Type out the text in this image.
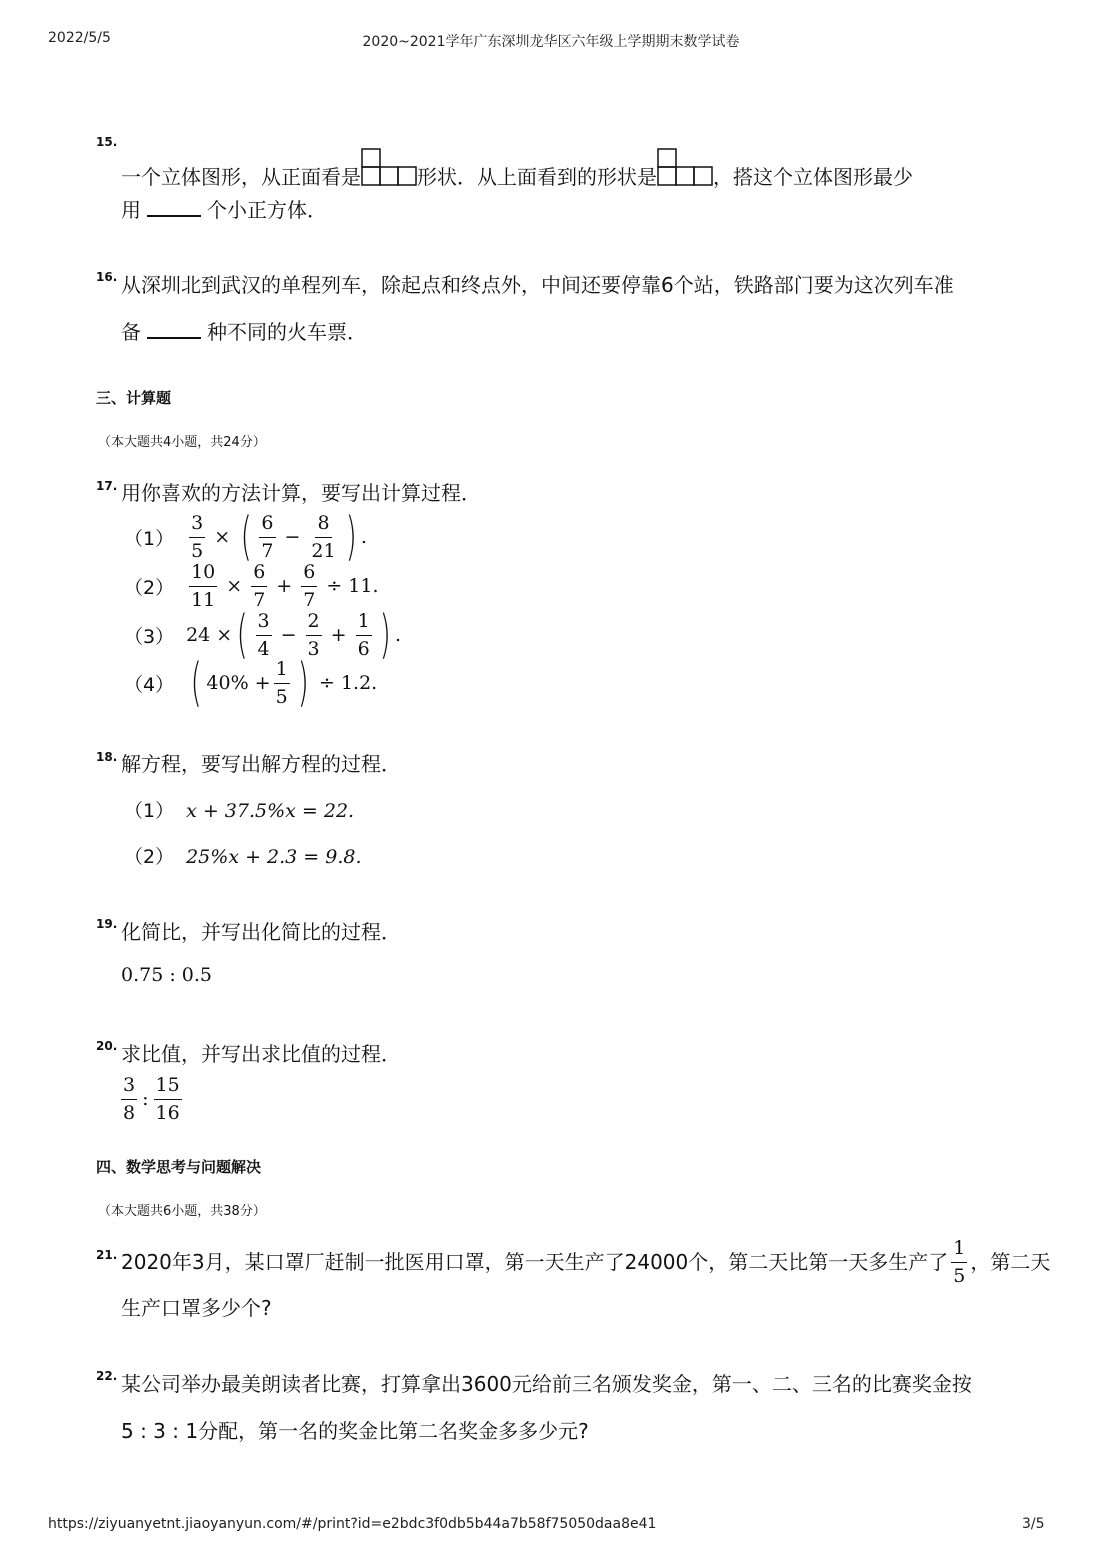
2022/5/5	2020~2021学年广东深圳龙华区六年级上学期期末数学试卷
15.
一个立体图形，从正面看是	形状．从上面看到的形状是	，搭这个立体图形最少
用	个小正方体．
16. 从深圳北到武汉的单程列车，除起点和终点外，中间还要停靠6个站，铁路部门要为这次列车准
备	种不同的火车票．
三、计算题
（本大题共4小题，共24分）
17. 用你喜欢的方法计算，要写出计算过程．
$(1) \frac{3}{5}$ × ( $\frac{6}{7} - \frac{8}{21}$ ) .
$(2) \frac{10}{11} \times \frac{6}{7} + \frac{6}{7} \div 11$.
（3） 24 × ( $\frac{3}{4} - \frac{2}{3} + \frac{1}{6}$ ) .
（4） ( $40\% + \frac{1}{5}$ ) ÷ 1.2.
18. 解方程，要写出解方程的过程．
（1） x + 37.5%x = 22.
（2） 25%x + 2.3 = 9.8.
19. 化简比，并写出化简比的过程．
0.75 : 0.5
20. 求比值，并写出求比值的过程．
$\frac{3}{8}$ : $\frac{15}{16}$
四、数学思考与问题解决
（本大题共6小题，共38分）
21. 2020年3月，某口罩厂赶制一批医用口罩，第一天生产了24000个，第二天比第一天多生产了 $\frac{1}{5}$ ，第二天
生产口罩多少个?
22. 某公司举办最美朗读者比赛，打算拿出3600元给前三名颁发奖金，第一、二、三名的比赛奖金按
5 : 3 : 1分配，第一名的奖金比第二名奖金多多少元?
https://ziyuanyetnt.jiaoyanyun.com/#/print?id=e2bdc3f0db5b44a7b58f75050daa8e41	3/5
